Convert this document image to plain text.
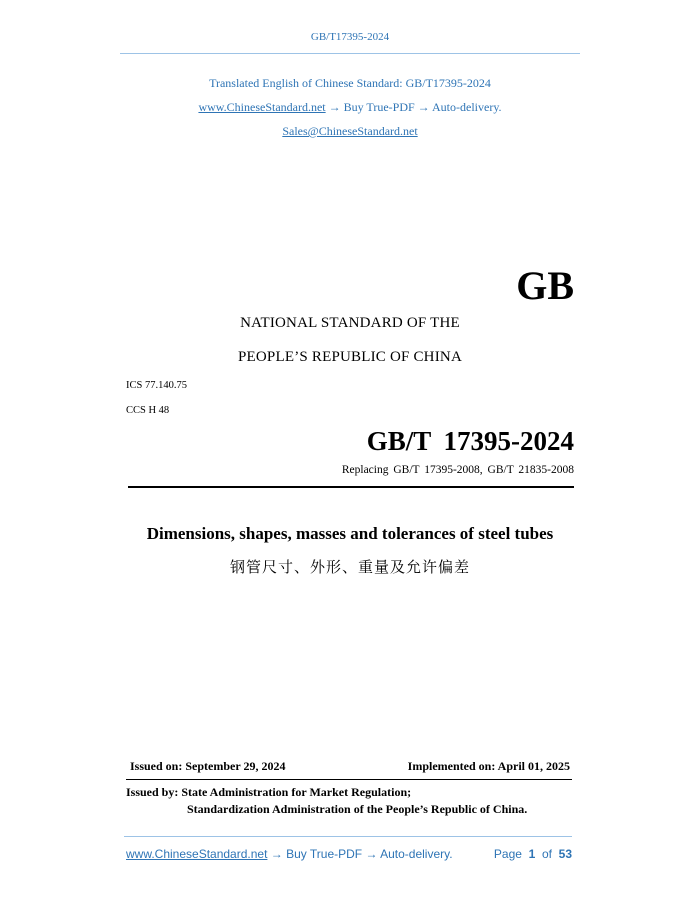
GB/T17395-2024
Translated English of Chinese Standard: GB/T17395-2024
www.ChineseStandard.net → Buy True-PDF → Auto-delivery.
Sales@ChineseStandard.net
GB
NATIONAL STANDARD OF THE
PEOPLE’S REPUBLIC OF CHINA
ICS 77.140.75
CCS H 48
GB/T 17395-2024
Replacing GB/T 17395-2008, GB/T 21835-2008
Dimensions, shapes, masses and tolerances of steel tubes
钢管尺寸、外形、重量及允许偏差
Issued on: September 29, 2024	Implemented on: April 01, 2025
Issued by: State Administration for Market Regulation;
Standardization Administration of the People’s Republic of China.
www.ChineseStandard.net → Buy True-PDF → Auto-delivery.	Page 1 of 53
